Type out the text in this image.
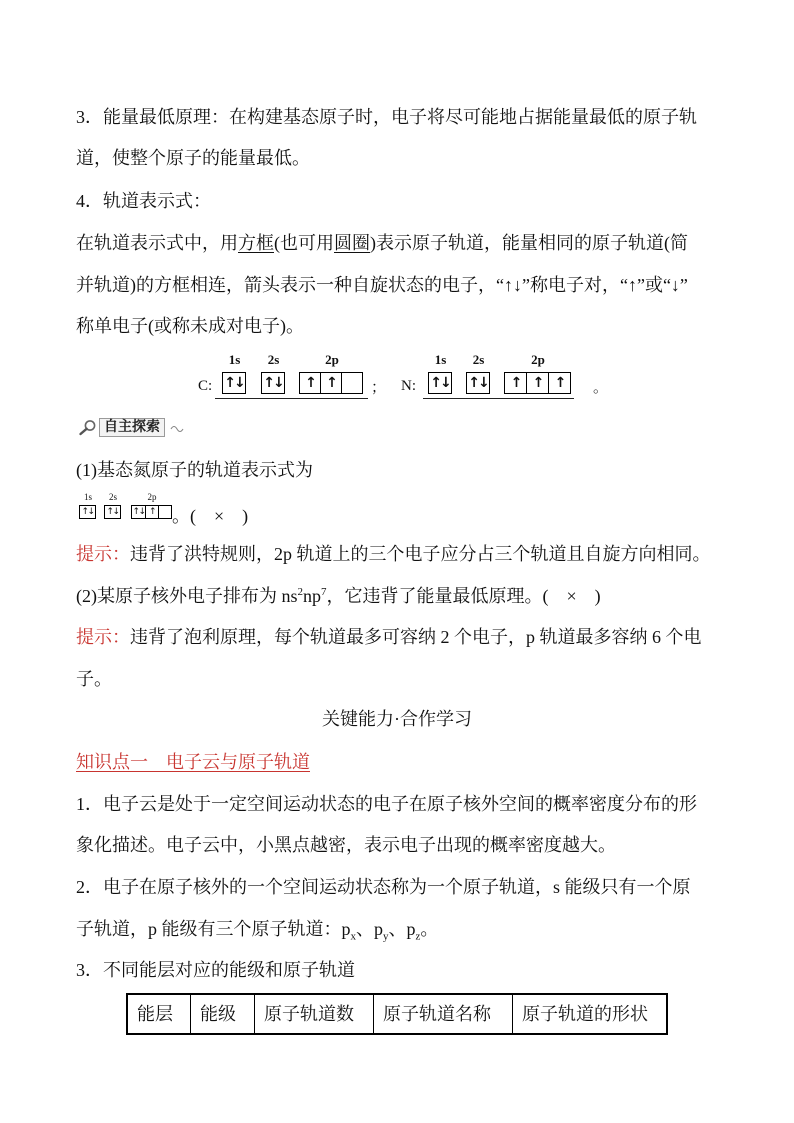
3．能量最低原理：在构建基态原子时，电子将尽可能地占据能量最低的原子轨
道，使整个原子的能量最低。
4．轨道表示式：
在轨道表示式中，用方框(也可用圆圈)表示原子轨道，能量相同的原子轨道(简
并轨道)的方框相连，箭头表示一种自旋状态的电子，“↑↓”称电子对，“↑”或“↓”
称单电子(或称未成对电子)。
C:
1s
↑↓
2s
↑↓
2p
↑ ↑	； N:
1s
↑↓
2s
↑↓
2p
↑ ↑ ↑	。
自主探索
(1)基态氮原子的轨道表示式为
1s
↑↓
2s
↑↓
2p
↑↓ ↑ 。(　×　)
提示：违背了洪特规则，2p 轨道上的三个电子应分占三个轨道且自旋方向相同。
(2)某原子核外电子排布为 $ns^2np^7$，它违背了能量最低原理。(　×　)
提示：违背了泡利原理，每个轨道最多可容纳 2 个电子，p 轨道最多容纳 6 个电
子。
关键能力·合作学习
知识点一　电子云与原子轨道
1．电子云是处于一定空间运动状态的电子在原子核外空间的概率密度分布的形
象化描述。电子云中，小黑点越密，表示电子出现的概率密度越大。
2．电子在原子核外的一个空间运动状态称为一个原子轨道，s 能级只有一个原
子轨道，p 能级有三个原子轨道：$p_x$、$p_y$、$p_z$。
3．不同能层对应的能级和原子轨道
能层	能级	原子轨道数	原子轨道名称	原子轨道的形状
